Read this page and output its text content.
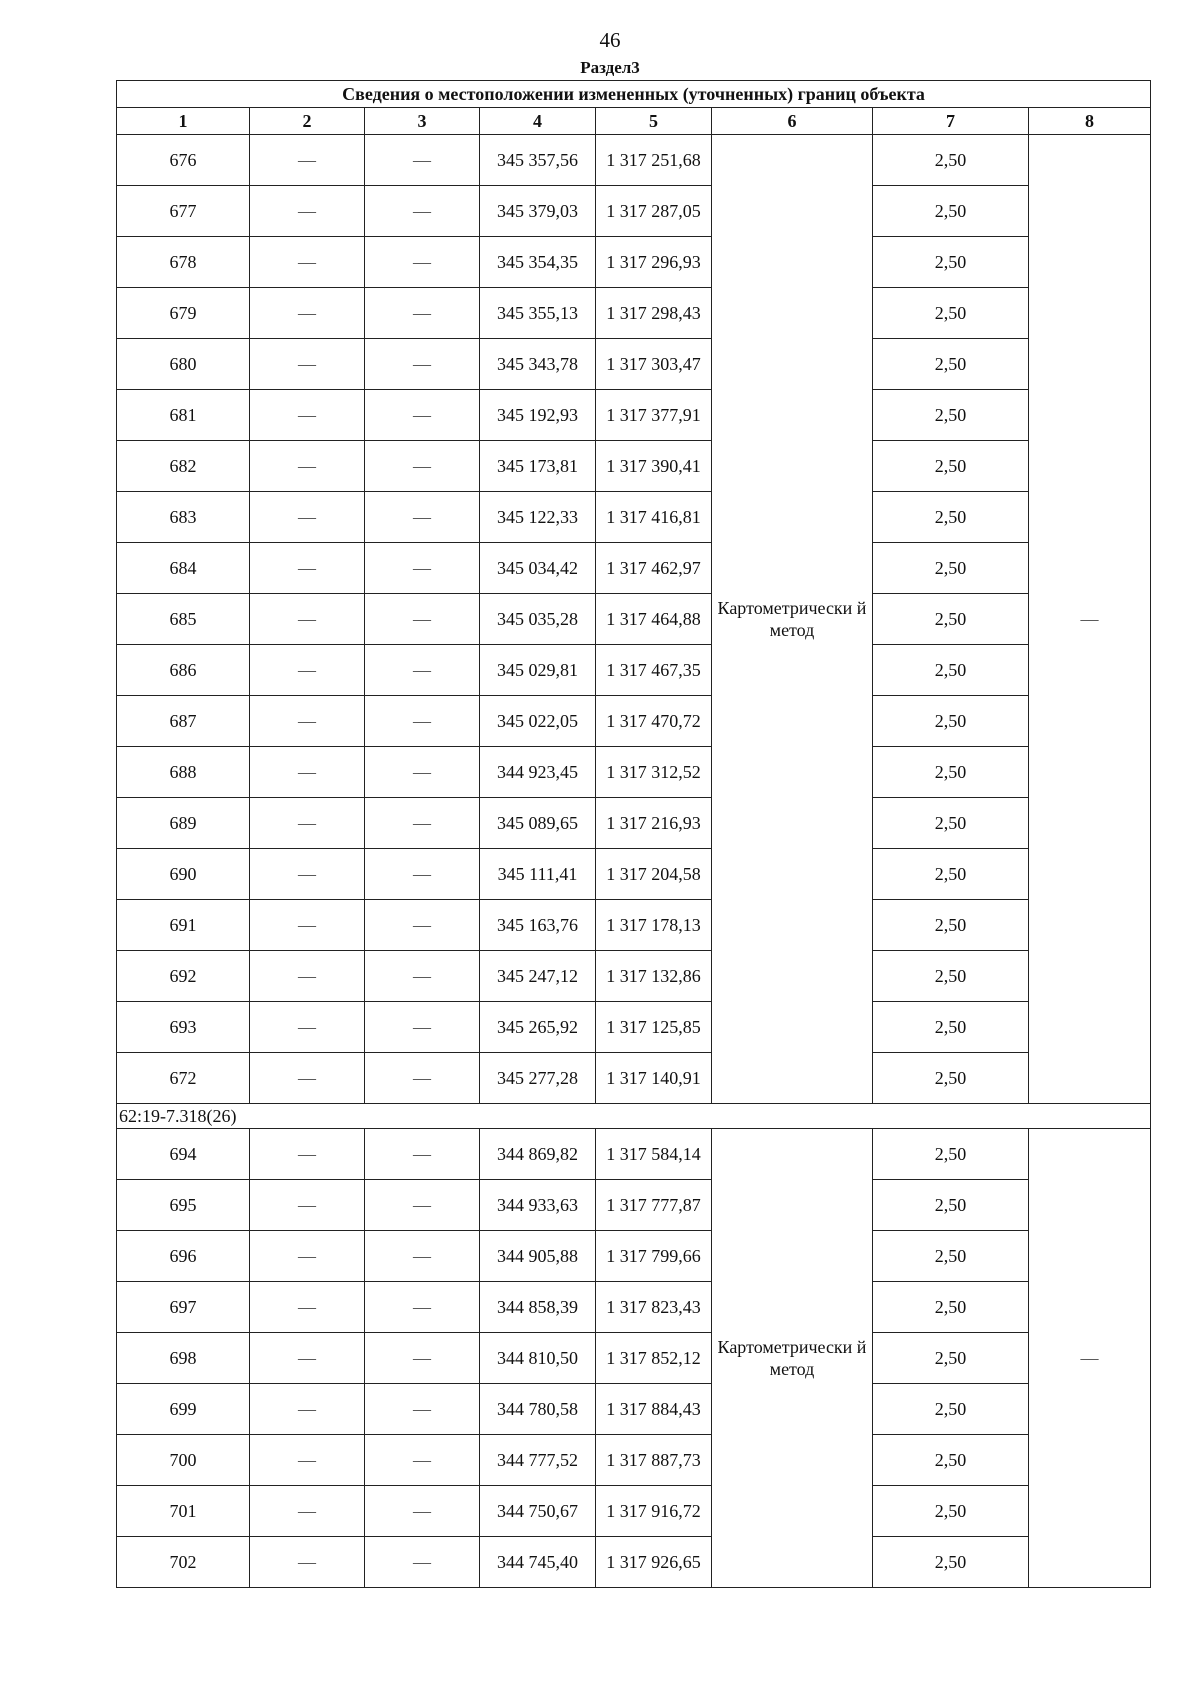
46
Раздел3
Сведения о местоположении измененных (уточненных) границ объекта							
1	2	3	4	5	6	7	8
676	—	—	345 357,56	1 317 251,68	Картометрически й метод	2,50	—
677	—	—	345 379,03	1 317 287,05		2,50	
678	—	—	345 354,35	1 317 296,93		2,50	
679	—	—	345 355,13	1 317 298,43		2,50	
680	—	—	345 343,78	1 317 303,47		2,50	
681	—	—	345 192,93	1 317 377,91		2,50	
682	—	—	345 173,81	1 317 390,41		2,50	
683	—	—	345 122,33	1 317 416,81		2,50	
684	—	—	345 034,42	1 317 462,97		2,50	
685	—	—	345 035,28	1 317 464,88		2,50	
686	—	—	345 029,81	1 317 467,35		2,50	
687	—	—	345 022,05	1 317 470,72		2,50	
688	—	—	344 923,45	1 317 312,52		2,50	
689	—	—	345 089,65	1 317 216,93		2,50	
690	—	—	345 111,41	1 317 204,58		2,50	
691	—	—	345 163,76	1 317 178,13		2,50	
692	—	—	345 247,12	1 317 132,86		2,50	
693	—	—	345 265,92	1 317 125,85		2,50	
672	—	—	345 277,28	1 317 140,91		2,50	
62:19-7.318(26)							
694	—	—	344 869,82	1 317 584,14	Картометрически й метод	2,50	—
695	—	—	344 933,63	1 317 777,87		2,50	
696	—	—	344 905,88	1 317 799,66		2,50	
697	—	—	344 858,39	1 317 823,43		2,50	
698	—	—	344 810,50	1 317 852,12		2,50	
699	—	—	344 780,58	1 317 884,43		2,50	
700	—	—	344 777,52	1 317 887,73		2,50	
701	—	—	344 750,67	1 317 916,72		2,50	
702	—	—	344 745,40	1 317 926,65		2,50	
